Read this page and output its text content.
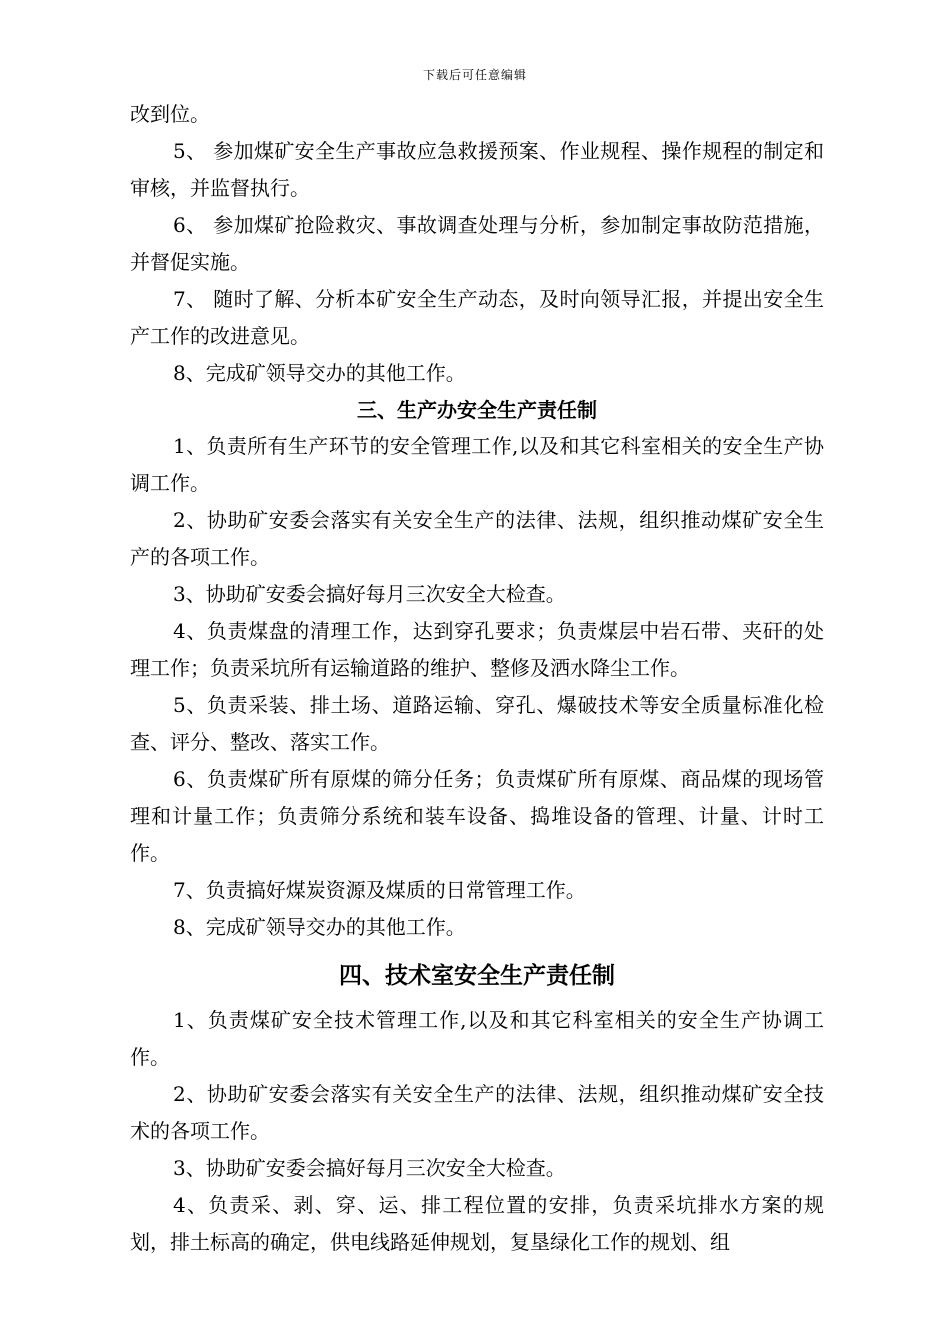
下载后可任意编辑

改到位。

5、 参加煤矿安全生产事故应急救援预案、作业规程、操作规程的制定和审核，并监督执行。

6、 参加煤矿抢险救灾、事故调查处理与分析，参加制定事故防范措施，并督促实施。

7、 随时了解、分析本矿安全生产动态，及时向领导汇报，并提出安全生产工作的改进意见。

8、完成矿领导交办的其他工作。

三、生产办安全生产责任制

1、负责所有生产环节的安全管理工作,以及和其它科室相关的安全生产协调工作。

2、协助矿安委会落实有关安全生产的法律、法规，组织推动煤矿安全生产的各项工作。

3、协助矿安委会搞好每月三次安全大检查。

4、负责煤盘的清理工作，达到穿孔要求；负责煤层中岩石带、夹矸的处理工作；负责采坑所有运输道路的维护、整修及洒水降尘工作。

5、负责采装、排土场、道路运输、穿孔、爆破技术等安全质量标准化检查、评分、整改、落实工作。

6、负责煤矿所有原煤的筛分任务；负责煤矿所有原煤、商品煤的现场管理和计量工作；负责筛分系统和装车设备、捣堆设备的管理、计量、计时工作。

7、负责搞好煤炭资源及煤质的日常管理工作。

8、完成矿领导交办的其他工作。

四、技术室安全生产责任制

1、负责煤矿安全技术管理工作,以及和其它科室相关的安全生产协调工作。

2、协助矿安委会落实有关安全生产的法律、法规，组织推动煤矿安全技术的各项工作。

3、协助矿安委会搞好每月三次安全大检查。

4、负责采、剥、穿、运、排工程位置的安排，负责采坑排水方案的规划，排土标高的确定，供电线路延伸规划，复垦绿化工作的规划、组
